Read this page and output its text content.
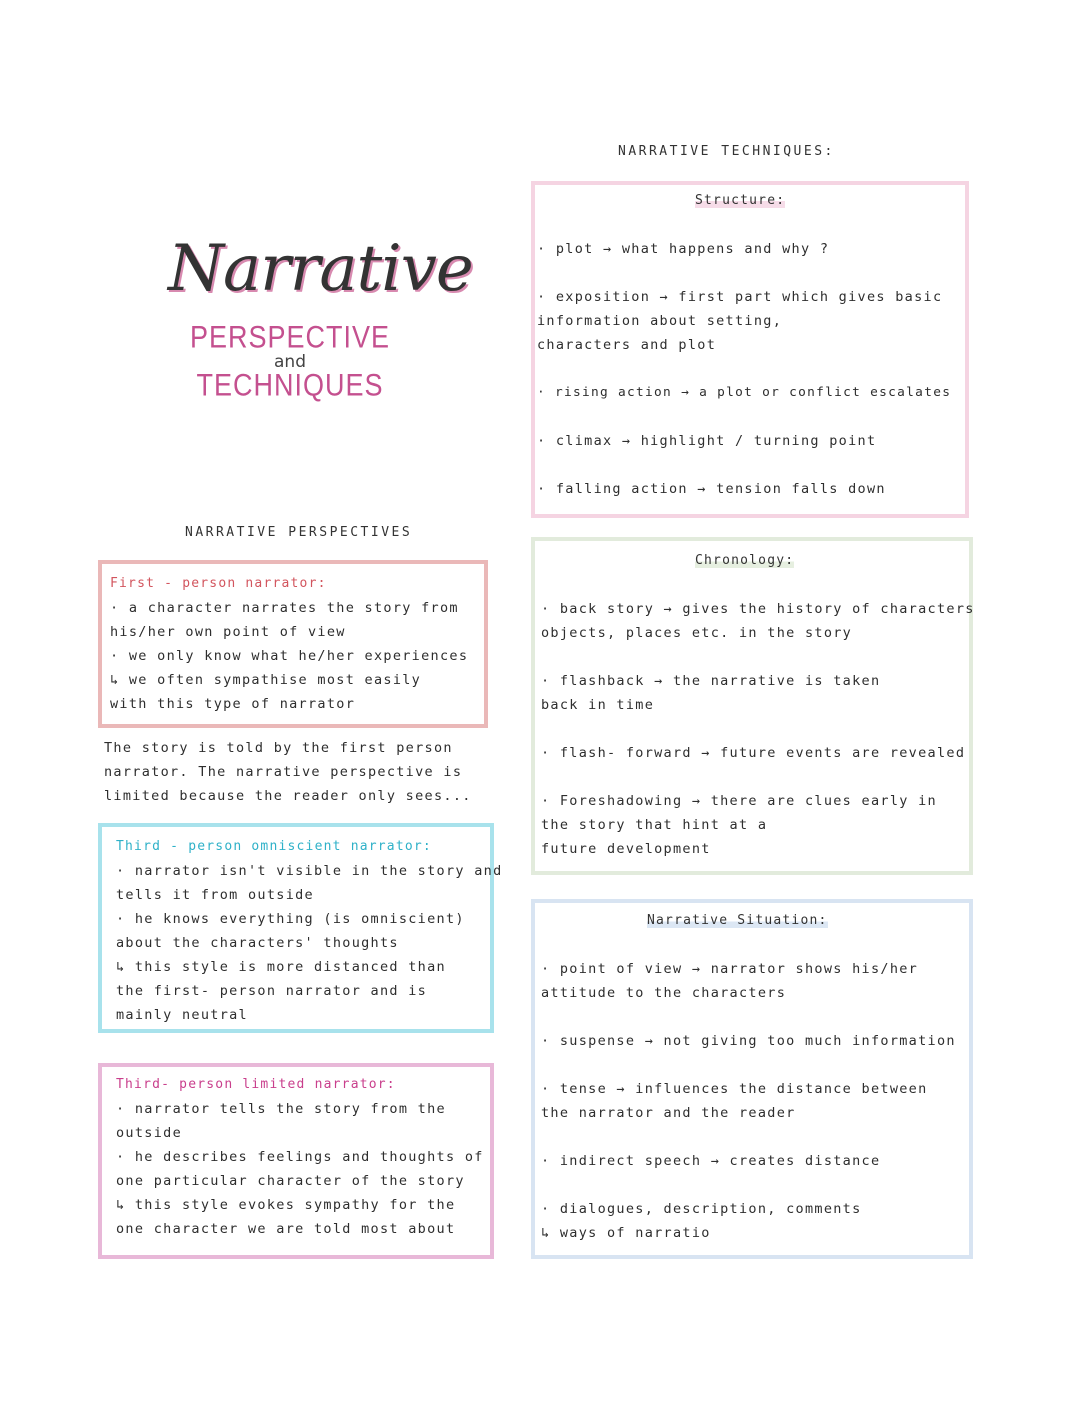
Narrative
PERSPECTIVE
and
TECHNIQUES
NARRATIVE PERSPECTIVES
First - person narrator:
· a character narrates the story from
his/her own point of view
· we only know what he/her experiences
↳ we often sympathise most easily
with this type of narrator
The story is told by the first person
narrator. The narrative perspective is
limited because the reader only sees...
Third - person omniscient narrator:
· narrator isn't visible in the story and
tells it from outside
· he knows everything (is omniscient)
about the characters' thoughts
↳ this style is more distanced than
the first- person narrator and is
mainly neutral
Third- person limited narrator:
· narrator tells the story from the
outside
· he describes feelings and thoughts of
one particular character of the story
↳ this style evokes sympathy for the
one character we are told most about
NARRATIVE TECHNIQUES:
Structure:
· plot → what happens and why ?
· exposition → first part which gives basic
information about setting,
characters and plot
· rising action → a plot or conflict escalates
· climax → highlight / turning point
· falling action → tension falls down
Chronology:
· back story → gives the history of characters
objects, places etc. in the story
· flashback → the narrative is taken
back in time
· flash- forward → future events are revealed
· Foreshadowing → there are clues early in
the story that hint at a
future development
Narrative Situation:
· point of view → narrator shows his/her
attitude to the characters
· suspense → not giving too much information
· tense → influences the distance between
the narrator and the reader
· indirect speech → creates distance
· dialogues, description, comments
↳ ways of narratio
